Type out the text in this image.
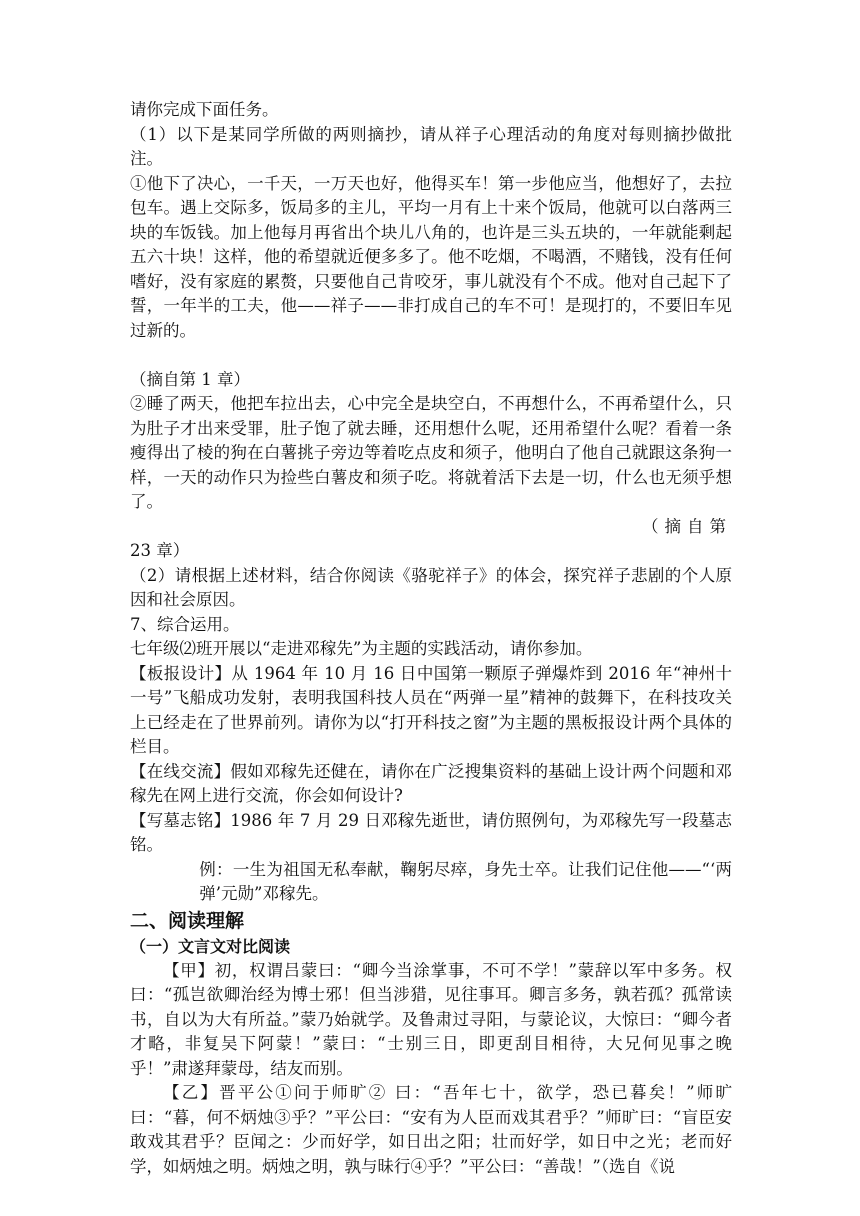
请你完成下面任务。

（1）以下是某同学所做的两则摘抄，请从祥子心理活动的角度对每则摘抄做批注。

①他下了决心，一千天，一万天也好，他得买车！第一步他应当，他想好了，去拉包车。遇上交际多，饭局多的主儿，平均一月有上十来个饭局，他就可以白落两三块的车饭钱。加上他每月再省出个块儿八角的，也许是三头五块的，一年就能剩起五六十块！这样，他的希望就近便多多了。他不吃烟，不喝酒，不赌钱，没有任何嗜好，没有家庭的累赘，只要他自己肯咬牙，事儿就没有个不成。他对自己起下了誓，一年半的工夫，他——祥子——非打成自己的车不可！是现打的，不要旧车见过新的。

（摘自第 1 章）

②睡了两天，他把车拉出去，心中完全是块空白，不再想什么，不再希望什么，只为肚子才出来受罪，肚子饱了就去睡，还用想什么呢，还用希望什么呢？看着一条瘦得出了棱的狗在白薯挑子旁边等着吃点皮和须子，他明白了他自己就跟这条狗一样，一天的动作只为捡些白薯皮和须子吃。将就着活下去是一切，什么也无须乎想了。

（摘自第

23 章）

（2）请根据上述材料，结合你阅读《骆驼祥子》的体会，探究祥子悲剧的个人原因和社会原因。

7、综合运用。

七年级⑵班开展以“走进邓稼先”为主题的实践活动，请你参加。

【板报设计】从 1964 年 10 月 16 日中国第一颗原子弹爆炸到 2016 年“神州十一号”飞船成功发射，表明我国科技人员在“两弹一星”精神的鼓舞下，在科技攻关上已经走在了世界前列。请你为以“打开科技之窗”为主题的黑板报设计两个具体的栏目。

【在线交流】假如邓稼先还健在，请你在广泛搜集资料的基础上设计两个问题和邓稼先在网上进行交流，你会如何设计?

【写墓志铭】1986 年 7 月 29 日邓稼先逝世，请仿照例句，为邓稼先写一段墓志铭。

例：一生为祖国无私奉献，鞠躬尽瘁，身先士卒。让我们记住他——“‘两弹’元勋”邓稼先。

二、阅读理解

（一）文言文对比阅读

【甲】初，权谓吕蒙曰：“卿今当涂掌事，不可不学！”蒙辞以军中多务。权曰：“孤岂欲卿治经为博士邪！但当涉猎，见往事耳。卿言多务，孰若孤？孤常读书，自以为大有所益。”蒙乃始就学。及鲁肃过寻阳，与蒙论议，大惊曰：“卿今者才略，非复吴下阿蒙！”蒙曰：“士别三日，即更刮目相待，大兄何见事之晚乎！”肃遂拜蒙母，结友而别。

【乙】晋平公①问于师旷② 曰：“吾年七十，欲学，恐已暮矣！”师旷曰：“暮，何不炳烛③乎？”平公曰：“安有为人臣而戏其君乎？”师旷曰：“盲臣安敢戏其君乎？臣闻之：少而好学，如日出之阳；壮而好学，如日中之光；老而好学，如炳烛之明。炳烛之明，孰与昧行④乎？”平公曰：“善哉！”（选自《说
